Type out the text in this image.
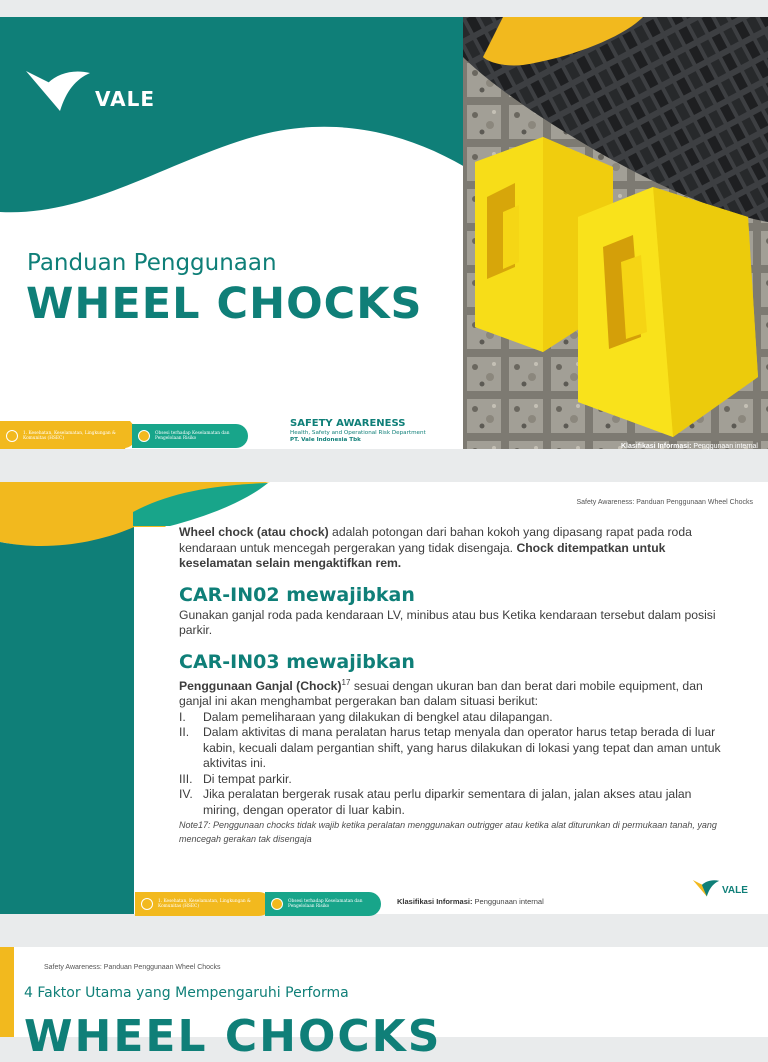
VALE
Panduan Penggunaan
WHEEL CHOCKS
1. Kesehatan, Keselamatan, Lingkungan & Komunitas (HSEC)
Obsesi terhadap Keselamatan dan Pengelolaan Risiko
SAFETY AWARENESS
Health, Safety and Operational Risk Department
PT. Vale Indonesia Tbk
Klasifikasi Informasi: Penggunaan internal
Safety Awareness: Panduan Penggunaan Wheel Chocks

Wheel chock (atau chock) adalah potongan dari bahan kokoh yang dipasang rapat pada roda kendaraan untuk mencegah pergerakan yang tidak disengaja. Chock ditempatkan untuk keselamatan selain mengaktifkan rem.

CAR-IN02 mewajibkan

Gunakan ganjal roda pada kendaraan LV, minibus atau bus Ketika kendaraan tersebut dalam posisi parkir.

CAR-IN03 mewajibkan

Penggunaan Ganjal (Chock)$^{17}$ sesuai dengan ukuran ban dan berat dari mobile equipment, dan ganjal ini akan menghambat pergerakan ban dalam situasi berikut:

I.	Dalam pemeliharaan yang dilakukan di bengkel atau dilapangan.
II.	Dalam aktivitas di mana peralatan harus tetap menyala dan operator harus tetap berada di luar kabin, kecuali dalam pergantian shift, yang harus dilakukan di lokasi yang tepat dan aman untuk aktivitas ini.
III. Di tempat parkir.
IV. Jika peralatan bergerak rusak atau perlu diparkir sementara di jalan, jalan akses atau jalan miring, dengan operator di luar kabin.

Note17: Penggunaan chocks tidak wajib ketika peralatan menggunakan outrigger atau ketika alat diturunkan di permukaan tanah, yang mencegah gerakan tak disengaja

1. Kesehatan, Keselamatan, Lingkungan & Komunitas (HSEC)
Obsesi terhadap Keselamatan dan Pengelolaan Risiko
Klasifikasi Informasi: Penggunaan internal
VALE
Safety Awareness: Panduan Penggunaan Wheel Chocks
4 Faktor Utama yang Mempengaruhi Performa
WHEEL CHOCKS
